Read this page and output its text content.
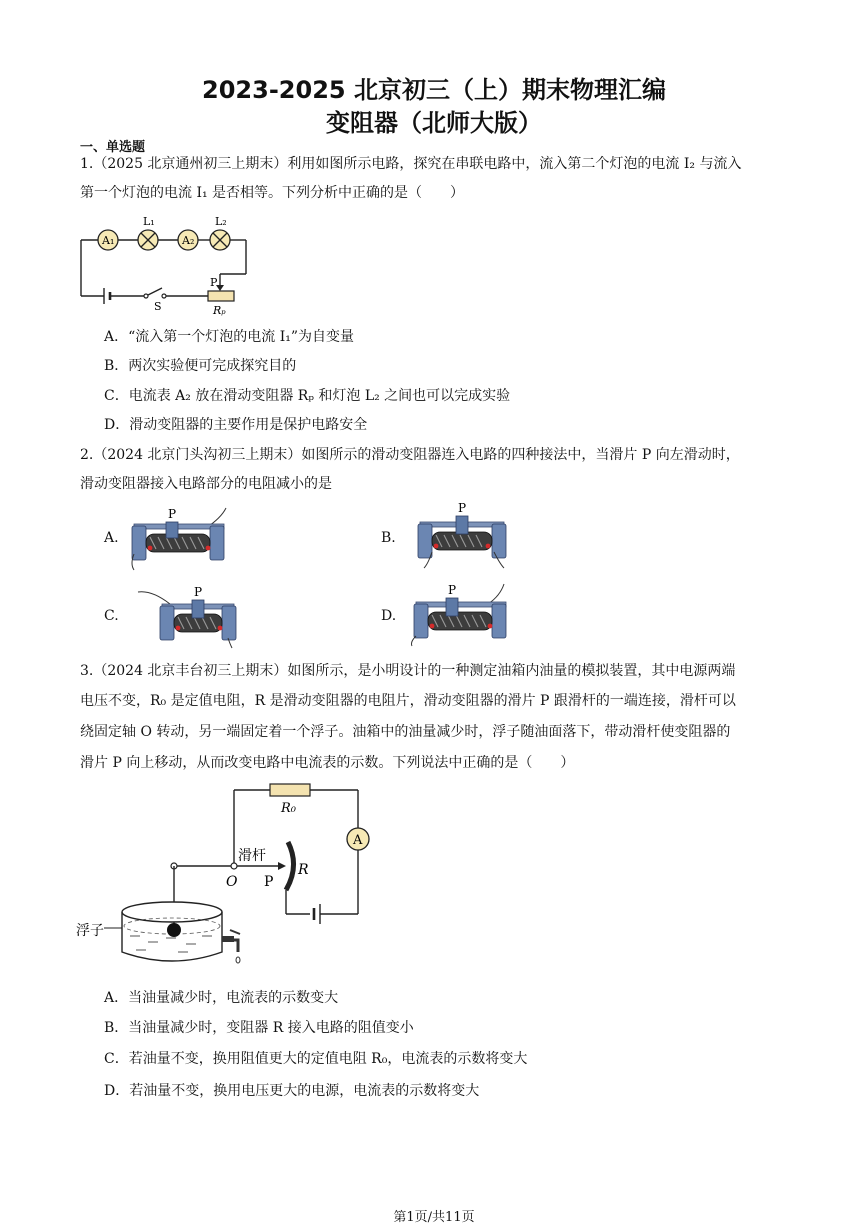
2023-2025 北京初三（上）期末物理汇编
变阻器（北师大版）
一、单选题
1.（2025 北京通州初三上期末）利用如图所示电路，探究在串联电路中，流入第二个灯泡的电流 I₂ 与流入
第一个灯泡的电流 I₁ 是否相等。下列分析中正确的是（　　）
A₁
L₁
A₂
L₂
P
S	Rₚ
A．“流入第一个灯泡的电流 I₁”为自变量
B．两次实验便可完成探究目的
C．电流表 A₂ 放在滑动变阻器 Rₚ 和灯泡 L₂ 之间也可以完成实验
D．滑动变阻器的主要作用是保护电路安全
2.（2024 北京门头沟初三上期末）如图所示的滑动变阻器连入电路的四种接法中，当滑片 P 向左滑动时，
滑动变阻器接入电路部分的电阻减小的是
A.	B.
C.	D.
P	P
P	P
3.（2024 北京丰台初三上期末）如图所示，是小明设计的一种测定油箱内油量的模拟装置，其中电源两端
电压不变，R₀ 是定值电阻，R 是滑动变阻器的电阻片，滑动变阻器的滑片 P 跟滑杆的一端连接，滑杆可以
绕固定轴 O 转动，另一端固定着一个浮子。油箱中的油量减少时，浮子随油面落下，带动滑杆使变阻器的
滑片 P 向上移动，从而改变电路中电流表的示数。下列说法中正确的是（　　）
R₀
A
R
滑杆
O P
浮子
A．当油量减少时，电流表的示数变大
B．当油量减少时，变阻器 R 接入电路的阻值变小
C．若油量不变，换用阻值更大的定值电阻 R₀，电流表的示数将变大
D．若油量不变，换用电压更大的电源，电流表的示数将变大
第1页/共11页
